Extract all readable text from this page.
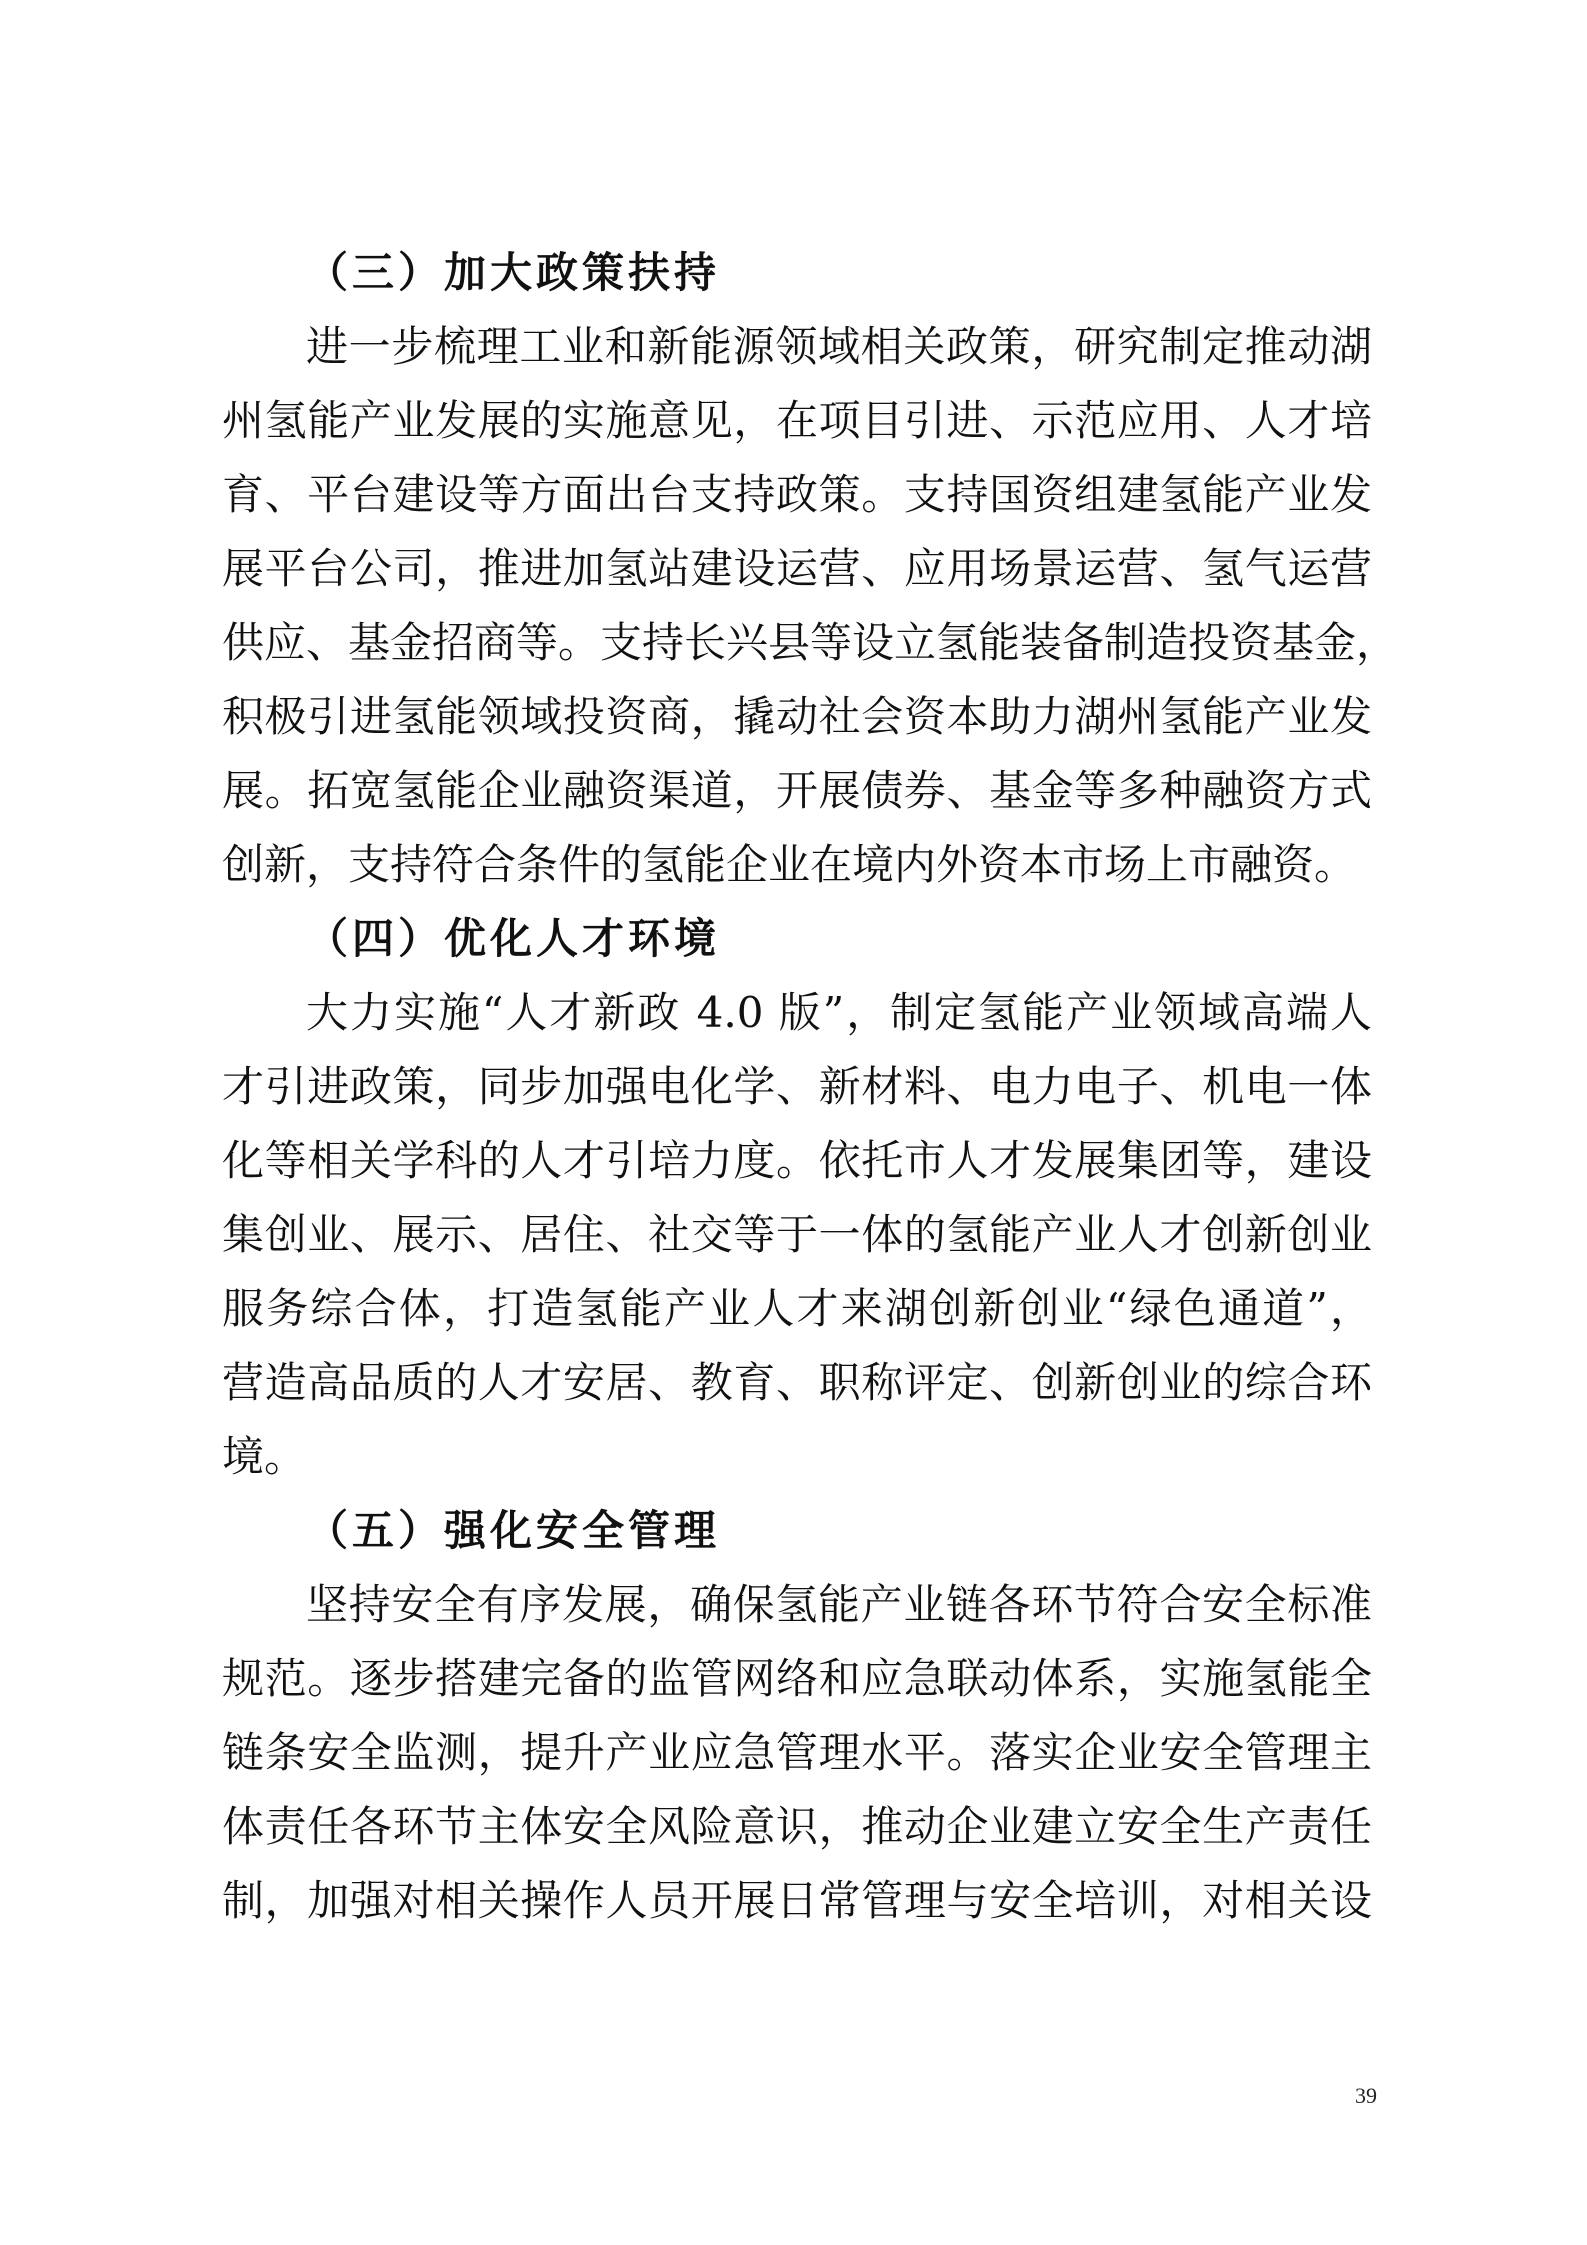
（三）加大政策扶持

进一步梳理工业和新能源领域相关政策，研究制定推动湖
州氢能产业发展的实施意见，在项目引进、示范应用、人才培
育、平台建设等方面出台支持政策。支持国资组建氢能产业发
展平台公司，推进加氢站建设运营、应用场景运营、氢气运营
供应、基金招商等。支持长兴县等设立氢能装备制造投资基金，
积极引进氢能领域投资商，撬动社会资本助力湖州氢能产业发
展。拓宽氢能企业融资渠道，开展债券、基金等多种融资方式
创新，支持符合条件的氢能企业在境内外资本市场上市融资。

（四）优化人才环境

大力实施“人才新政 4.0 版”，制定氢能产业领域高端人
才引进政策，同步加强电化学、新材料、电力电子、机电一体
化等相关学科的人才引培力度。依托市人才发展集团等，建设
集创业、展示、居住、社交等于一体的氢能产业人才创新创业
服务综合体，打造氢能产业人才来湖创新创业“绿色通道”，
营造高品质的人才安居、教育、职称评定、创新创业的综合环
境。

（五）强化安全管理

坚持安全有序发展，确保氢能产业链各环节符合安全标准
规范。逐步搭建完备的监管网络和应急联动体系，实施氢能全
链条安全监测，提升产业应急管理水平。落实企业安全管理主
体责任各环节主体安全风险意识，推动企业建立安全生产责任
制，加强对相关操作人员开展日常管理与安全培训，对相关设

39
